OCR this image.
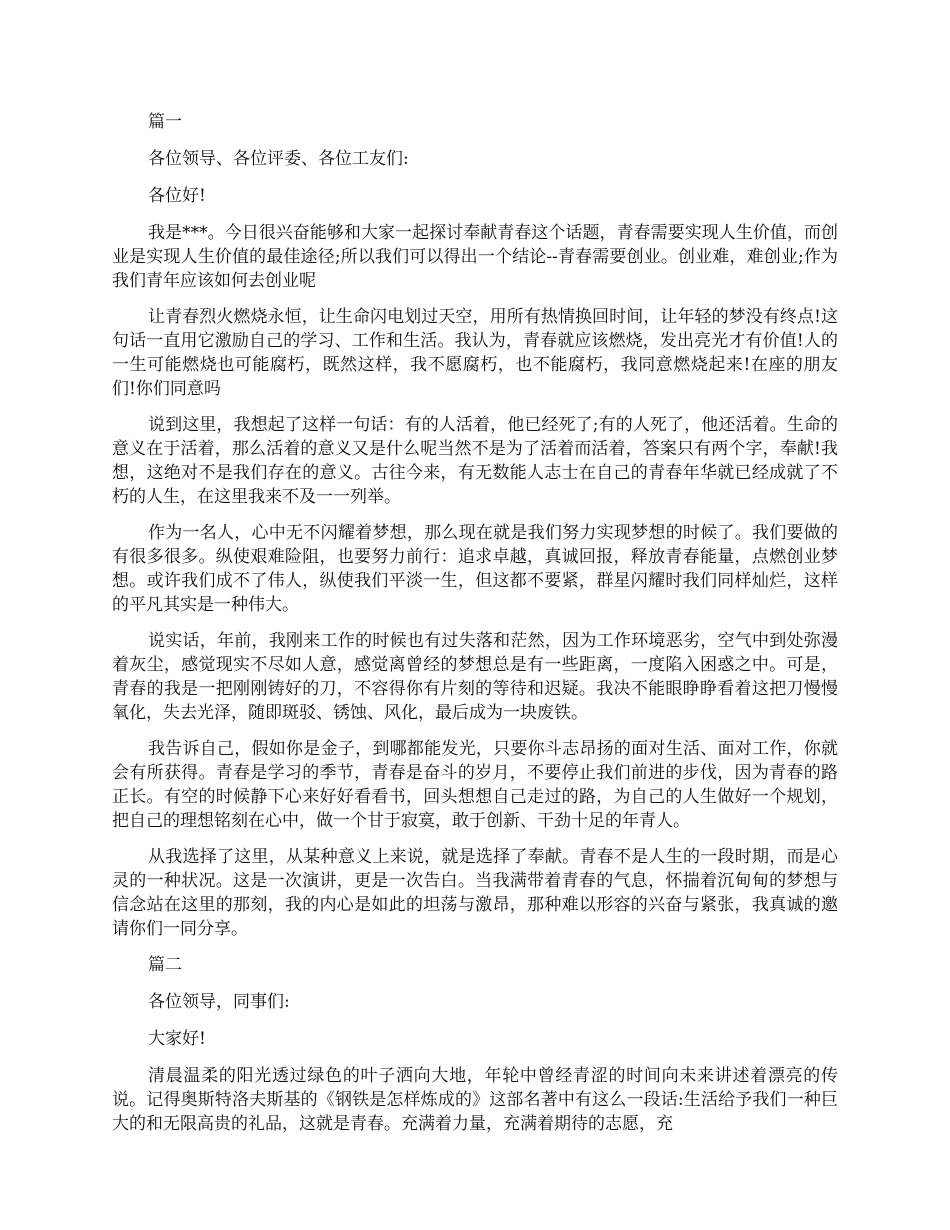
篇一

各位领导、各位评委、各位工友们:

各位好!

我是***。今日很兴奋能够和大家一起探讨奉献青春这个话题，青春需要实现人生价值，而创业是实现人生价值的最佳途径;所以我们可以得出一个结论--青春需要创业。创业难，难创业;作为我们青年应该如何去创业呢

让青春烈火燃烧永恒，让生命闪电划过天空，用所有热情换回时间，让年轻的梦没有终点!这句话一直用它激励自己的学习、工作和生活。我认为，青春就应该燃烧，发出亮光才有价值!人的一生可能燃烧也可能腐朽，既然这样，我不愿腐朽，也不能腐朽，我同意燃烧起来!在座的朋友们!你们同意吗

说到这里，我想起了这样一句话：有的人活着，他已经死了;有的人死了，他还活着。生命的意义在于活着，那么活着的意义又是什么呢当然不是为了活着而活着，答案只有两个字，奉献!我想，这绝对不是我们存在的意义。古往今来，有无数能人志士在自己的青春年华就已经成就了不朽的人生，在这里我来不及一一列举。

作为一名人，心中无不闪耀着梦想，那么现在就是我们努力实现梦想的时候了。我们要做的有很多很多。纵使艰难险阻，也要努力前行：追求卓越，真诚回报，释放青春能量，点燃创业梦想。或许我们成不了伟人，纵使我们平淡一生，但这都不要紧，群星闪耀时我们同样灿烂，这样的平凡其实是一种伟大。

说实话，年前，我刚来工作的时候也有过失落和茫然，因为工作环境恶劣，空气中到处弥漫着灰尘，感觉现实不尽如人意，感觉离曾经的梦想总是有一些距离，一度陷入困惑之中。可是，青春的我是一把刚刚铸好的刀，不容得你有片刻的等待和迟疑。我决不能眼睁睁看着这把刀慢慢氧化，失去光泽，随即斑驳、锈蚀、风化，最后成为一块废铁。

我告诉自己，假如你是金子，到哪都能发光，只要你斗志昂扬的面对生活、面对工作，你就会有所获得。青春是学习的季节，青春是奋斗的岁月，不要停止我们前进的步伐，因为青春的路正长。有空的时候静下心来好好看看书，回头想想自己走过的路，为自己的人生做好一个规划，把自己的理想铭刻在心中，做一个甘于寂寞，敢于创新、干劲十足的年青人。

从我选择了这里，从某种意义上来说，就是选择了奉献。青春不是人生的一段时期，而是心灵的一种状况。这是一次演讲，更是一次告白。当我满带着青春的气息，怀揣着沉甸甸的梦想与信念站在这里的那刻，我的内心是如此的坦荡与激昂，那种难以形容的兴奋与紧张，我真诚的邀请你们一同分享。

篇二

各位领导，同事们:

大家好!

清晨温柔的阳光透过绿色的叶子洒向大地，年轮中曾经青涩的时间向未来讲述着漂亮的传说。记得奥斯特洛夫斯基的《钢铁是怎样炼成的》这部名著中有这么一段话:生活给予我们一种巨大的和无限高贵的礼品，这就是青春。充满着力量，充满着期待的志愿，充
